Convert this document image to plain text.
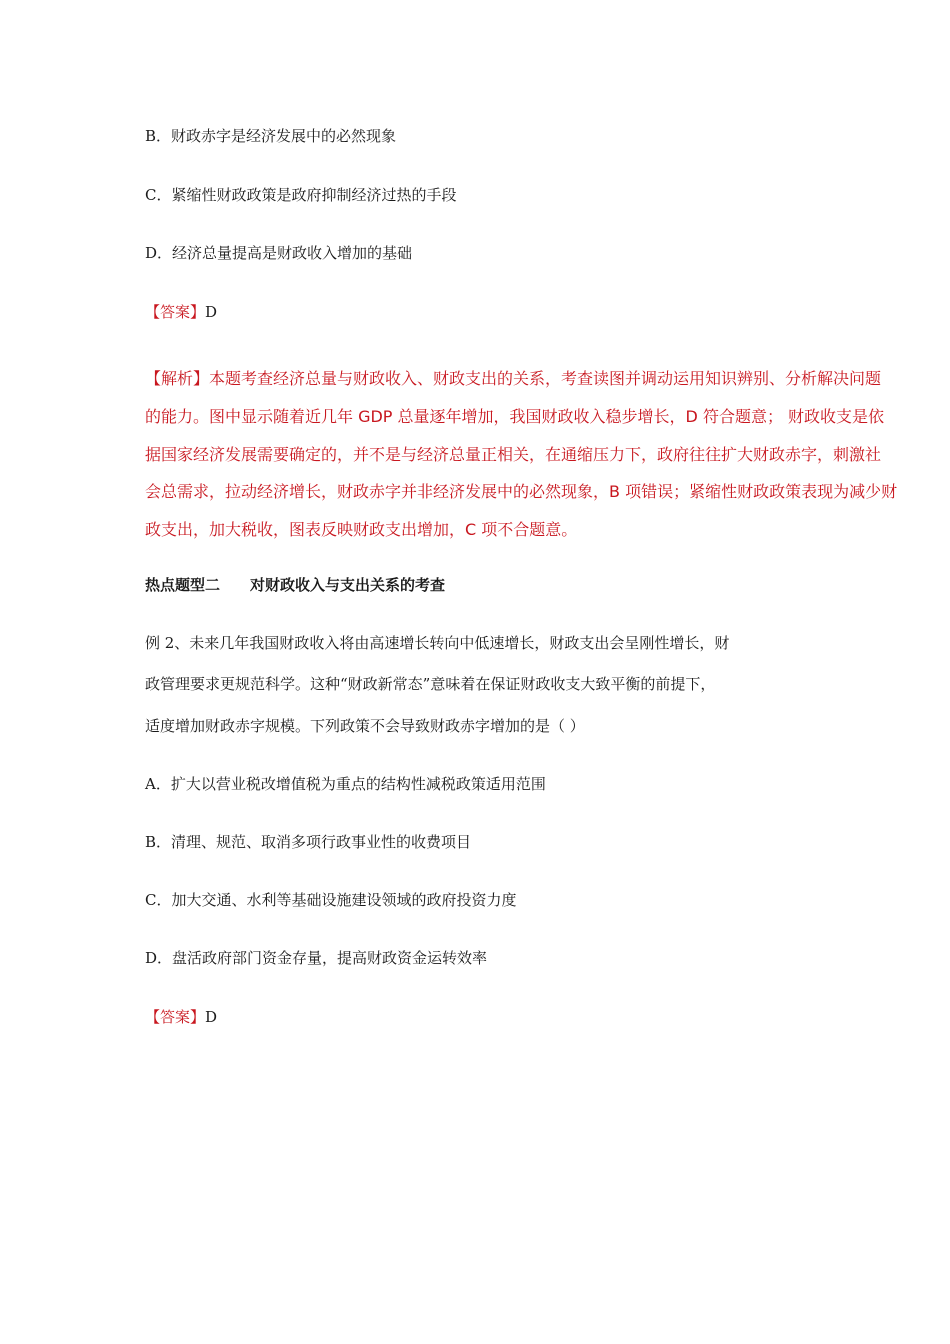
B．财政赤字是经济发展中的必然现象
C．紧缩性财政政策是政府抑制经济过热的手段
D．经济总量提高是财政收入增加的基础
【答案】D
【解析】本题考查经济总量与财政收入、财政支出的关系，考查读图并调动运用知识辨别、分析解决问题
的能力。图中显示随着近几年 GDP 总量逐年增加，我国财政收入稳步增长，D 符合题意； 财政收支是依
据国家经济发展需要确定的，并不是与经济总量正相关，在通缩压力下，政府往往扩大财政赤字，刺激社
会总需求，拉动经济增长，财政赤字并非经济发展中的必然现象，B 项错误；紧缩性财政政策表现为减少财
政支出，加大税收，图表反映财政支出增加，C 项不合题意。
热点题型二 对财政收入与支出关系的考查
例 2、未来几年我国财政收入将由高速增长转向中低速增长，财政支出会呈刚性增长，财
政管理要求更规范科学。这种“财政新常态”意味着在保证财政收支大致平衡的前提下，
适度增加财政赤字规模。下列政策不会导致财政赤字增加的是（ ）
A．扩大以营业税改增值税为重点的结构性减税政策适用范围
B．清理、规范、取消多项行政事业性的收费项目
C．加大交通、水利等基础设施建设领域的政府投资力度
D．盘活政府部门资金存量，提高财政资金运转效率
【答案】D
